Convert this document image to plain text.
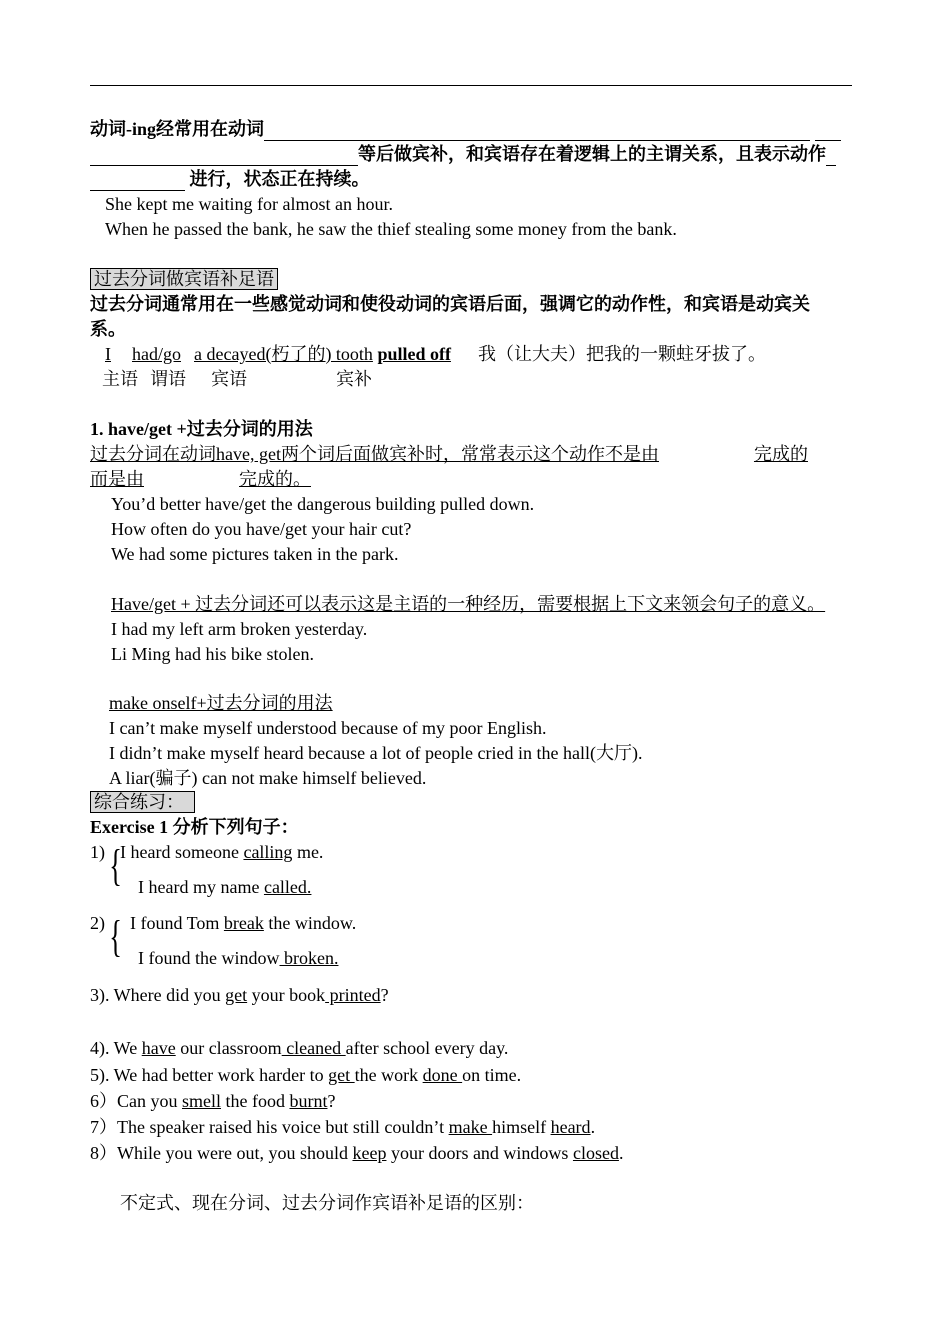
动词-ing经常用在动词
等后做宾补，和宾语存在着逻辑上的主谓关系，且表示动作
进行，状态正在持续。
She kept me waiting for almost an hour.
When he passed the bank, he saw the thief stealing some money from the bank.
过去分词做宾语补足语
过去分词通常用在一些感觉动词和使役动词的宾语后面，强调它的动作性，和宾语是动宾关
系。
I had/go a decayed(朽了的) tooth pulled off 我（让大夫）把我的一颗蛀牙拔了。
主语 谓语 宾语	宾补
1. have/get +过去分词的用法
过去分词在动词have, get两个词后面做宾补时，常常表示这个动作不是由	完成的
而是由	完成的。
You’d better have/get the dangerous building pulled down.
How often do you have/get your hair cut?
We had some pictures taken in the park.
Have/get + 过去分词还可以表示这是主语的一种经历，需要根据上下文来领会句子的意义。
I had my left arm broken yesterday.
Li Ming had his bike stolen.
make onself+过去分词的用法
I can’t make myself understood because of my poor English.
I didn’t make myself heard because a lot of people cried in the hall(大厅).
A liar(骗子) can not make himself believed.
综合练习：
Exercise 1 分析下列句子：
1) {
I heard someone calling me.
I heard my name called.
2) { I found Tom break the window.
I found the window broken.
3). Where did you get your book printed?
4). We have our classroom cleaned after school every day.
5). We had better work harder to get the work done on time.
6）Can you smell the food burnt?
7）The speaker raised his voice but still couldn’t make himself heard.
8）While you were out, you should keep your doors and windows closed.
不定式、现在分词、过去分词作宾语补足语的区别：
